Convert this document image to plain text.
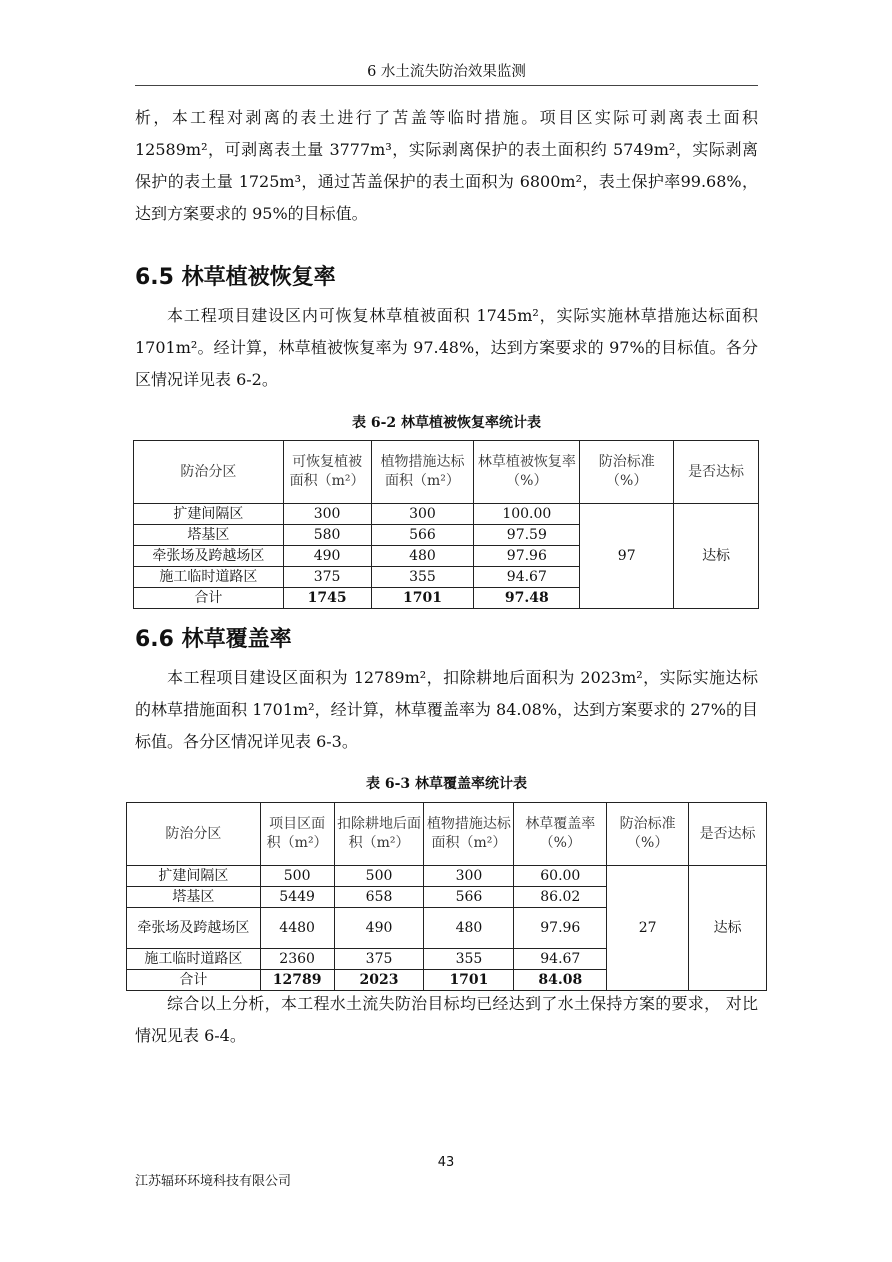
6 水土流失防治效果监测
析，本工程对剥离的表土进行了苫盖等临时措施。项目区实际可剥离表土面积12589m²，可剥离表土量 3777m³，实际剥离保护的表土面积约 5749m²，实际剥离保护的表土量 1725m³，通过苫盖保护的表土面积为 6800m²，表土保护率99.68%，达到方案要求的 95%的目标值。
6.5 林草植被恢复率
本工程项目建设区内可恢复林草植被面积 1745m²，实际实施林草措施达标面积 1701m²。经计算，林草植被恢复率为 97.48%，达到方案要求的 97%的目标值。各分区情况详见表 6-2。
表 6-2 林草植被恢复率统计表
防治分区	可恢复植被面积（m²）	植物措施达标面积（m²）	林草植被恢复率（%）	防治标准（%）	是否达标
扩建间隔区	300	300	100.00	97	达标
塔基区	580	566	97.59		
牵张场及跨越场区	490	480	97.96		
施工临时道路区	375	355	94.67		
合计	1745	1701	97.48		
6.6 林草覆盖率
本工程项目建设区面积为 12789m²，扣除耕地后面积为 2023m²，实际实施达标的林草措施面积 1701m²，经计算，林草覆盖率为 84.08%，达到方案要求的 27%的目标值。各分区情况详见表 6-3。
表 6-3 林草覆盖率统计表
防治分区	项目区面积（m²）	扣除耕地后面积（m²）	植物措施达标面积（m²）	林草覆盖率（%）	防治标准（%）	是否达标
扩建间隔区	500	500	300	60.00	27	达标
塔基区	5449	658	566	86.02		
牵张场及跨越场区	4480	490	480	97.96		
施工临时道路区	2360	375	355	94.67		
合计	12789	2023	1701	84.08		
综合以上分析，本工程水土流失防治目标均已经达到了水土保持方案的要求， 对比情况见表 6-4。
43
江苏辐环环境科技有限公司
